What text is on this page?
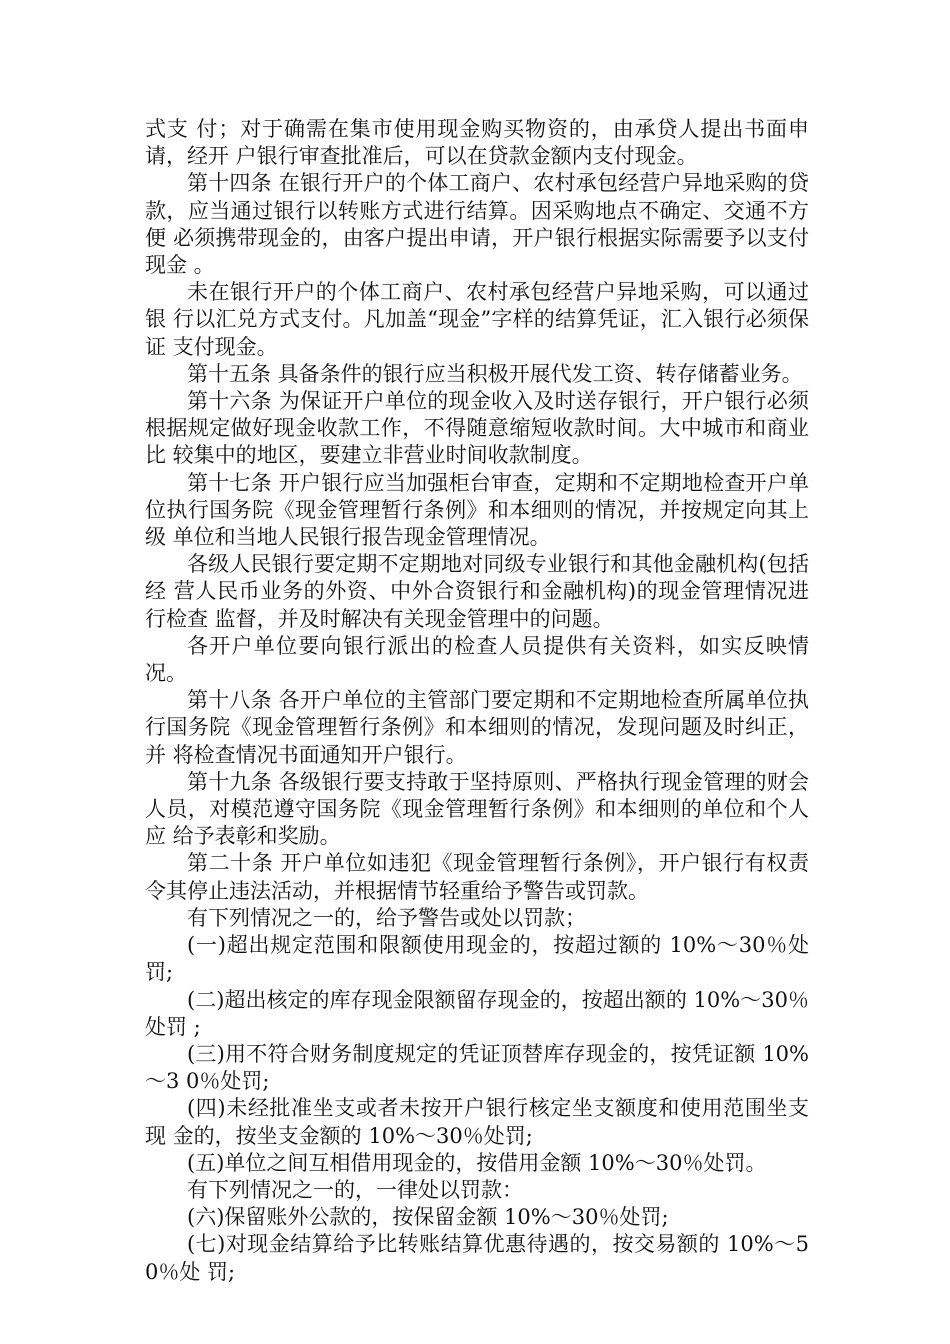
式支 付；对于确需在集市使用现金购买物资的，由承贷人提出书面申请，经开 户银行审查批准后，可以在贷款金额内支付现金。

第十四条 在银行开户的个体工商户、农村承包经营户异地采购的贷 款，应当通过银行以转账方式进行结算。因采购地点不确定、交通不方便 必须携带现金的，由客户提出申请，开户银行根据实际需要予以支付现金 。

未在银行开户的个体工商户、农村承包经营户异地采购，可以通过银 行以汇兑方式支付。凡加盖“现金”字样的结算凭证，汇入银行必须保证 支付现金。

第十五条 具备条件的银行应当积极开展代发工资、转存储蓄业务。

第十六条 为保证开户单位的现金收入及时送存银行，开户银行必须 根据规定做好现金收款工作，不得随意缩短收款时间。大中城市和商业比 较集中的地区，要建立非营业时间收款制度。

第十七条 开户银行应当加强柜台审查，定期和不定期地检查开户单 位执行国务院《现金管理暂行条例》和本细则的情况，并按规定向其上级 单位和当地人民银行报告现金管理情况。

各级人民银行要定期不定期地对同级专业银行和其他金融机构(包括经 营人民币业务的外资、中外合资银行和金融机构)的现金管理情况进行检查 监督，并及时解决有关现金管理中的问题。

各开户单位要向银行派出的检查人员提供有关资料，如实反映情况。

第十八条 各开户单位的主管部门要定期和不定期地检查所属单位执 行国务院《现金管理暂行条例》和本细则的情况，发现问题及时纠正，并 将检查情况书面通知开户银行。

第十九条 各级银行要支持敢于坚持原则、严格执行现金管理的财会 人员，对模范遵守国务院《现金管理暂行条例》和本细则的单位和个人应 给予表彰和奖励。

第二十条 开户单位如违犯《现金管理暂行条例》，开户银行有权责 令其停止违法活动，并根据情节轻重给予警告或罚款。

有下列情况之一的，给予警告或处以罚款；

(一)超出规定范围和限额使用现金的，按超过额的 10%～30％处罚;

(二)超出核定的库存现金限额留存现金的，按超出额的 10%～30％处罚 ;

(三)用不符合财务制度规定的凭证顶替库存现金的，按凭证额 10%～3 0％处罚;

(四)未经批准坐支或者未按开户银行核定坐支额度和使用范围坐支现 金的，按坐支金额的 10%～30％处罚;

(五)单位之间互相借用现金的，按借用金额 10%～30％处罚。

有下列情况之一的，一律处以罚款：

(六)保留账外公款的，按保留金额 10%～30％处罚;

(七)对现金结算给予比转账结算优惠待遇的，按交易额的 10%～50％处 罚;
